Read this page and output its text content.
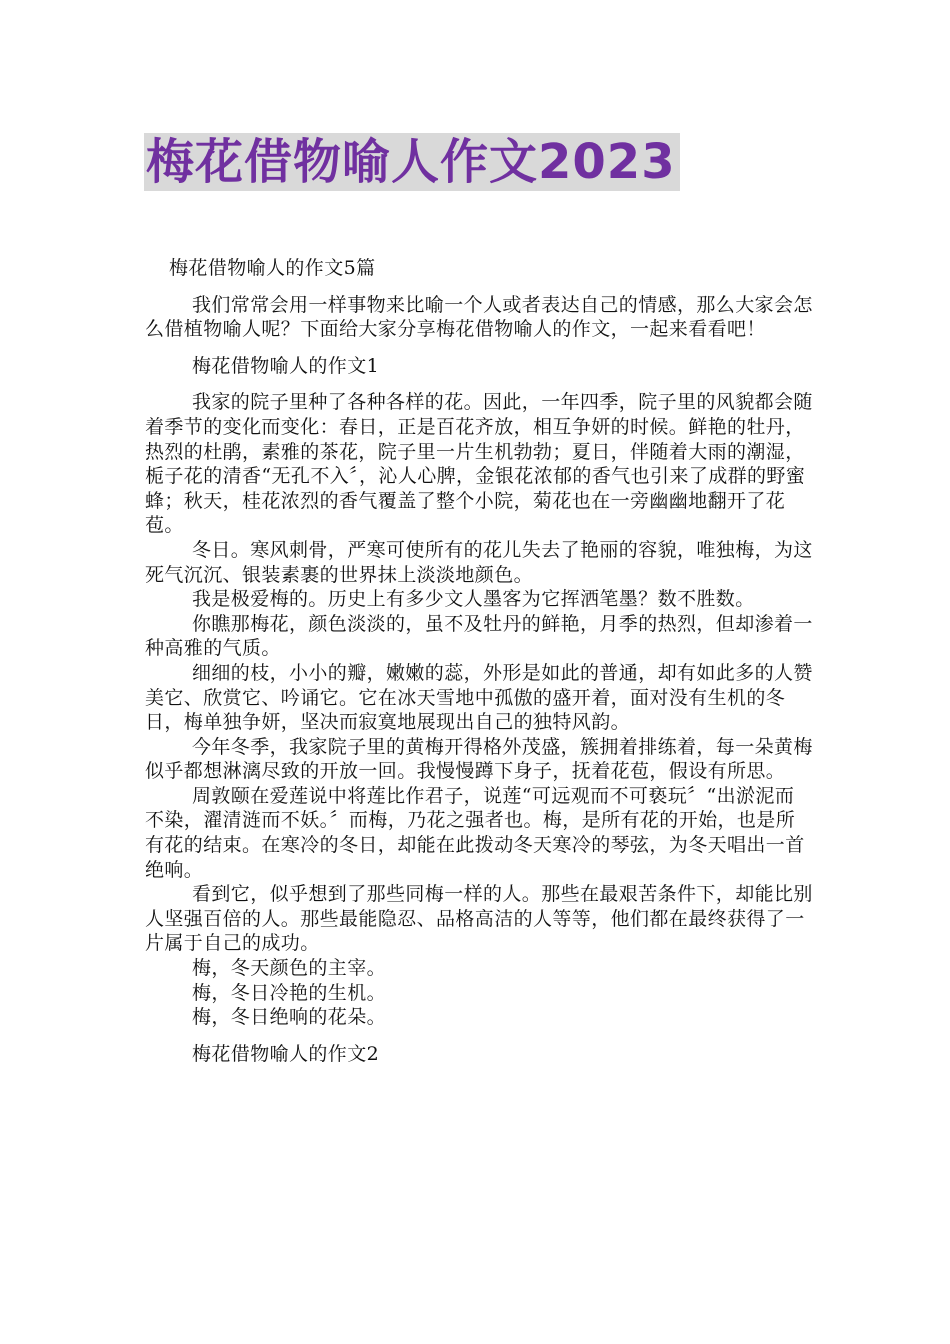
梅花借物喻人作文2023

梅花借物喻人的作文5篇

我们常常会用一样事物来比喻一个人或者表达自己的情感，那么大家会怎么借植物喻人呢？下面给大家分享梅花借物喻人的作文，一起来看看吧！

梅花借物喻人的作文1

我家的院子里种了各种各样的花。因此，一年四季，院子里的风貌都会随着季节的变化而变化：春日，正是百花齐放，相互争妍的时候。鲜艳的牡丹，热烈的杜鹃，素雅的茶花，院子里一片生机勃勃；夏日，伴随着大雨的潮湿，栀子花的清香“无孔不入〞，沁人心脾，金银花浓郁的香气也引来了成群的野蜜蜂；秋天，桂花浓烈的香气覆盖了整个小院，菊花也在一旁幽幽地翻开了花苞。

冬日。寒风刺骨，严寒可使所有的花儿失去了艳丽的容貌，唯独梅，为这死气沉沉、银装素裹的世界抹上淡淡地颜色。

我是极爱梅的。历史上有多少文人墨客为它挥洒笔墨？数不胜数。

你瞧那梅花，颜色淡淡的，虽不及牡丹的鲜艳，月季的热烈，但却渗着一种高雅的气质。

细细的枝，小小的瓣，嫩嫩的蕊，外形是如此的普通，却有如此多的人赞美它、欣赏它、吟诵它。它在冰天雪地中孤傲的盛开着，面对没有生机的冬日，梅单独争妍，坚决而寂寞地展现出自己的独特风韵。

今年冬季，我家院子里的黄梅开得格外茂盛，簇拥着排练着，每一朵黄梅似乎都想淋漓尽致的开放一回。我慢慢蹲下身子，抚着花苞，假设有所思。

周敦颐在爱莲说中将莲比作君子，说莲“可远观而不可亵玩〞“出淤泥而不染，濯清涟而不妖。〞而梅，乃花之强者也。梅，是所有花的开始，也是所有花的结束。在寒冷的冬日，却能在此拨动冬天寒冷的琴弦，为冬天唱出一首绝响。

看到它，似乎想到了那些同梅一样的人。那些在最艰苦条件下，却能比别人坚强百倍的人。那些最能隐忍、品格高洁的人等等，他们都在最终获得了一片属于自己的成功。

梅，冬天颜色的主宰。

梅，冬日冷艳的生机。

梅，冬日绝响的花朵。

梅花借物喻人的作文2
